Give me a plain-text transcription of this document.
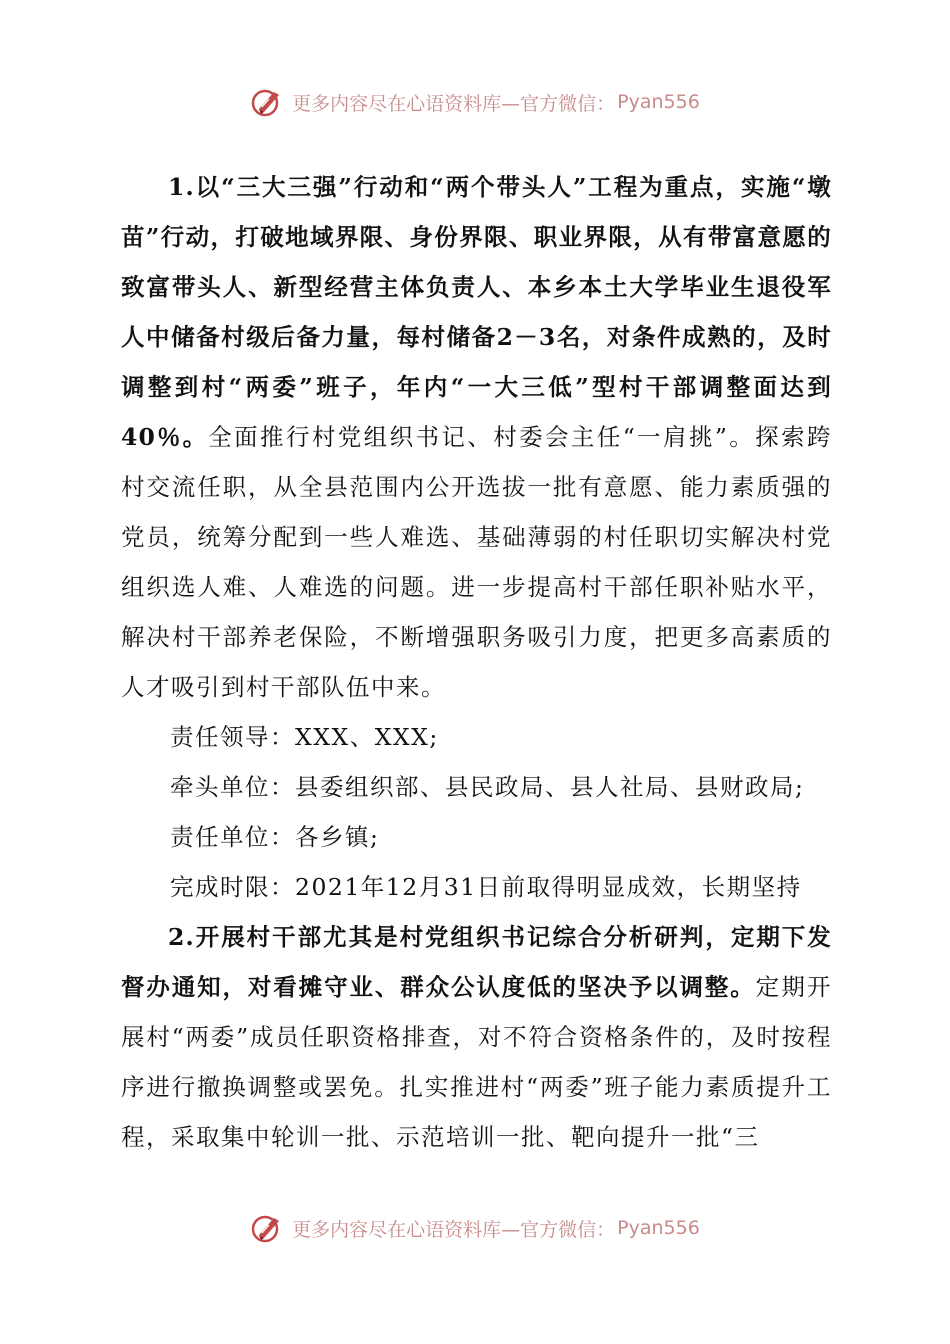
更多内容尽在心语资料库—官方微信： Pyan556

1.以“三大三强”行动和“两个带头人”工程为重点，实施“墩苗”行动，打破地域界限、身份界限、职业界限，从有带富意愿的致富带头人、新型经营主体负责人、本乡本土大学毕业生退役军人中储备村级后备力量，每村储备2－3名，对条件成熟的，及时调整到村“两委”班子，年内“一大三低”型村干部调整面达到40％。全面推行村党组织书记、村委会主任“一肩挑”。探索跨村交流任职，从全县范围内公开选拔一批有意愿、能力素质强的党员，统筹分配到一些人难选、基础薄弱的村任职切实解决村党组织选人难、人难选的问题。进一步提高村干部任职补贴水平，解决村干部养老保险，不断增强职务吸引力度，把更多高素质的人才吸引到村干部队伍中来。

责任领导：XXX、XXX;

牵头单位：县委组织部、县民政局、县人社局、县财政局;

责任单位：各乡镇;

完成时限：2021年12月31日前取得明显成效，长期坚持

2.开展村干部尤其是村党组织书记综合分析研判，定期下发督办通知，对看摊守业、群众公认度低的坚决予以调整。定期开展村“两委”成员任职资格排查，对不符合资格条件的，及时按程序进行撤换调整或罢免。扎实推进村“两委”班子能力素质提升工程，采取集中轮训一批、示范培训一批、靶向提升一批“三

更多内容尽在心语资料库—官方微信： Pyan556
